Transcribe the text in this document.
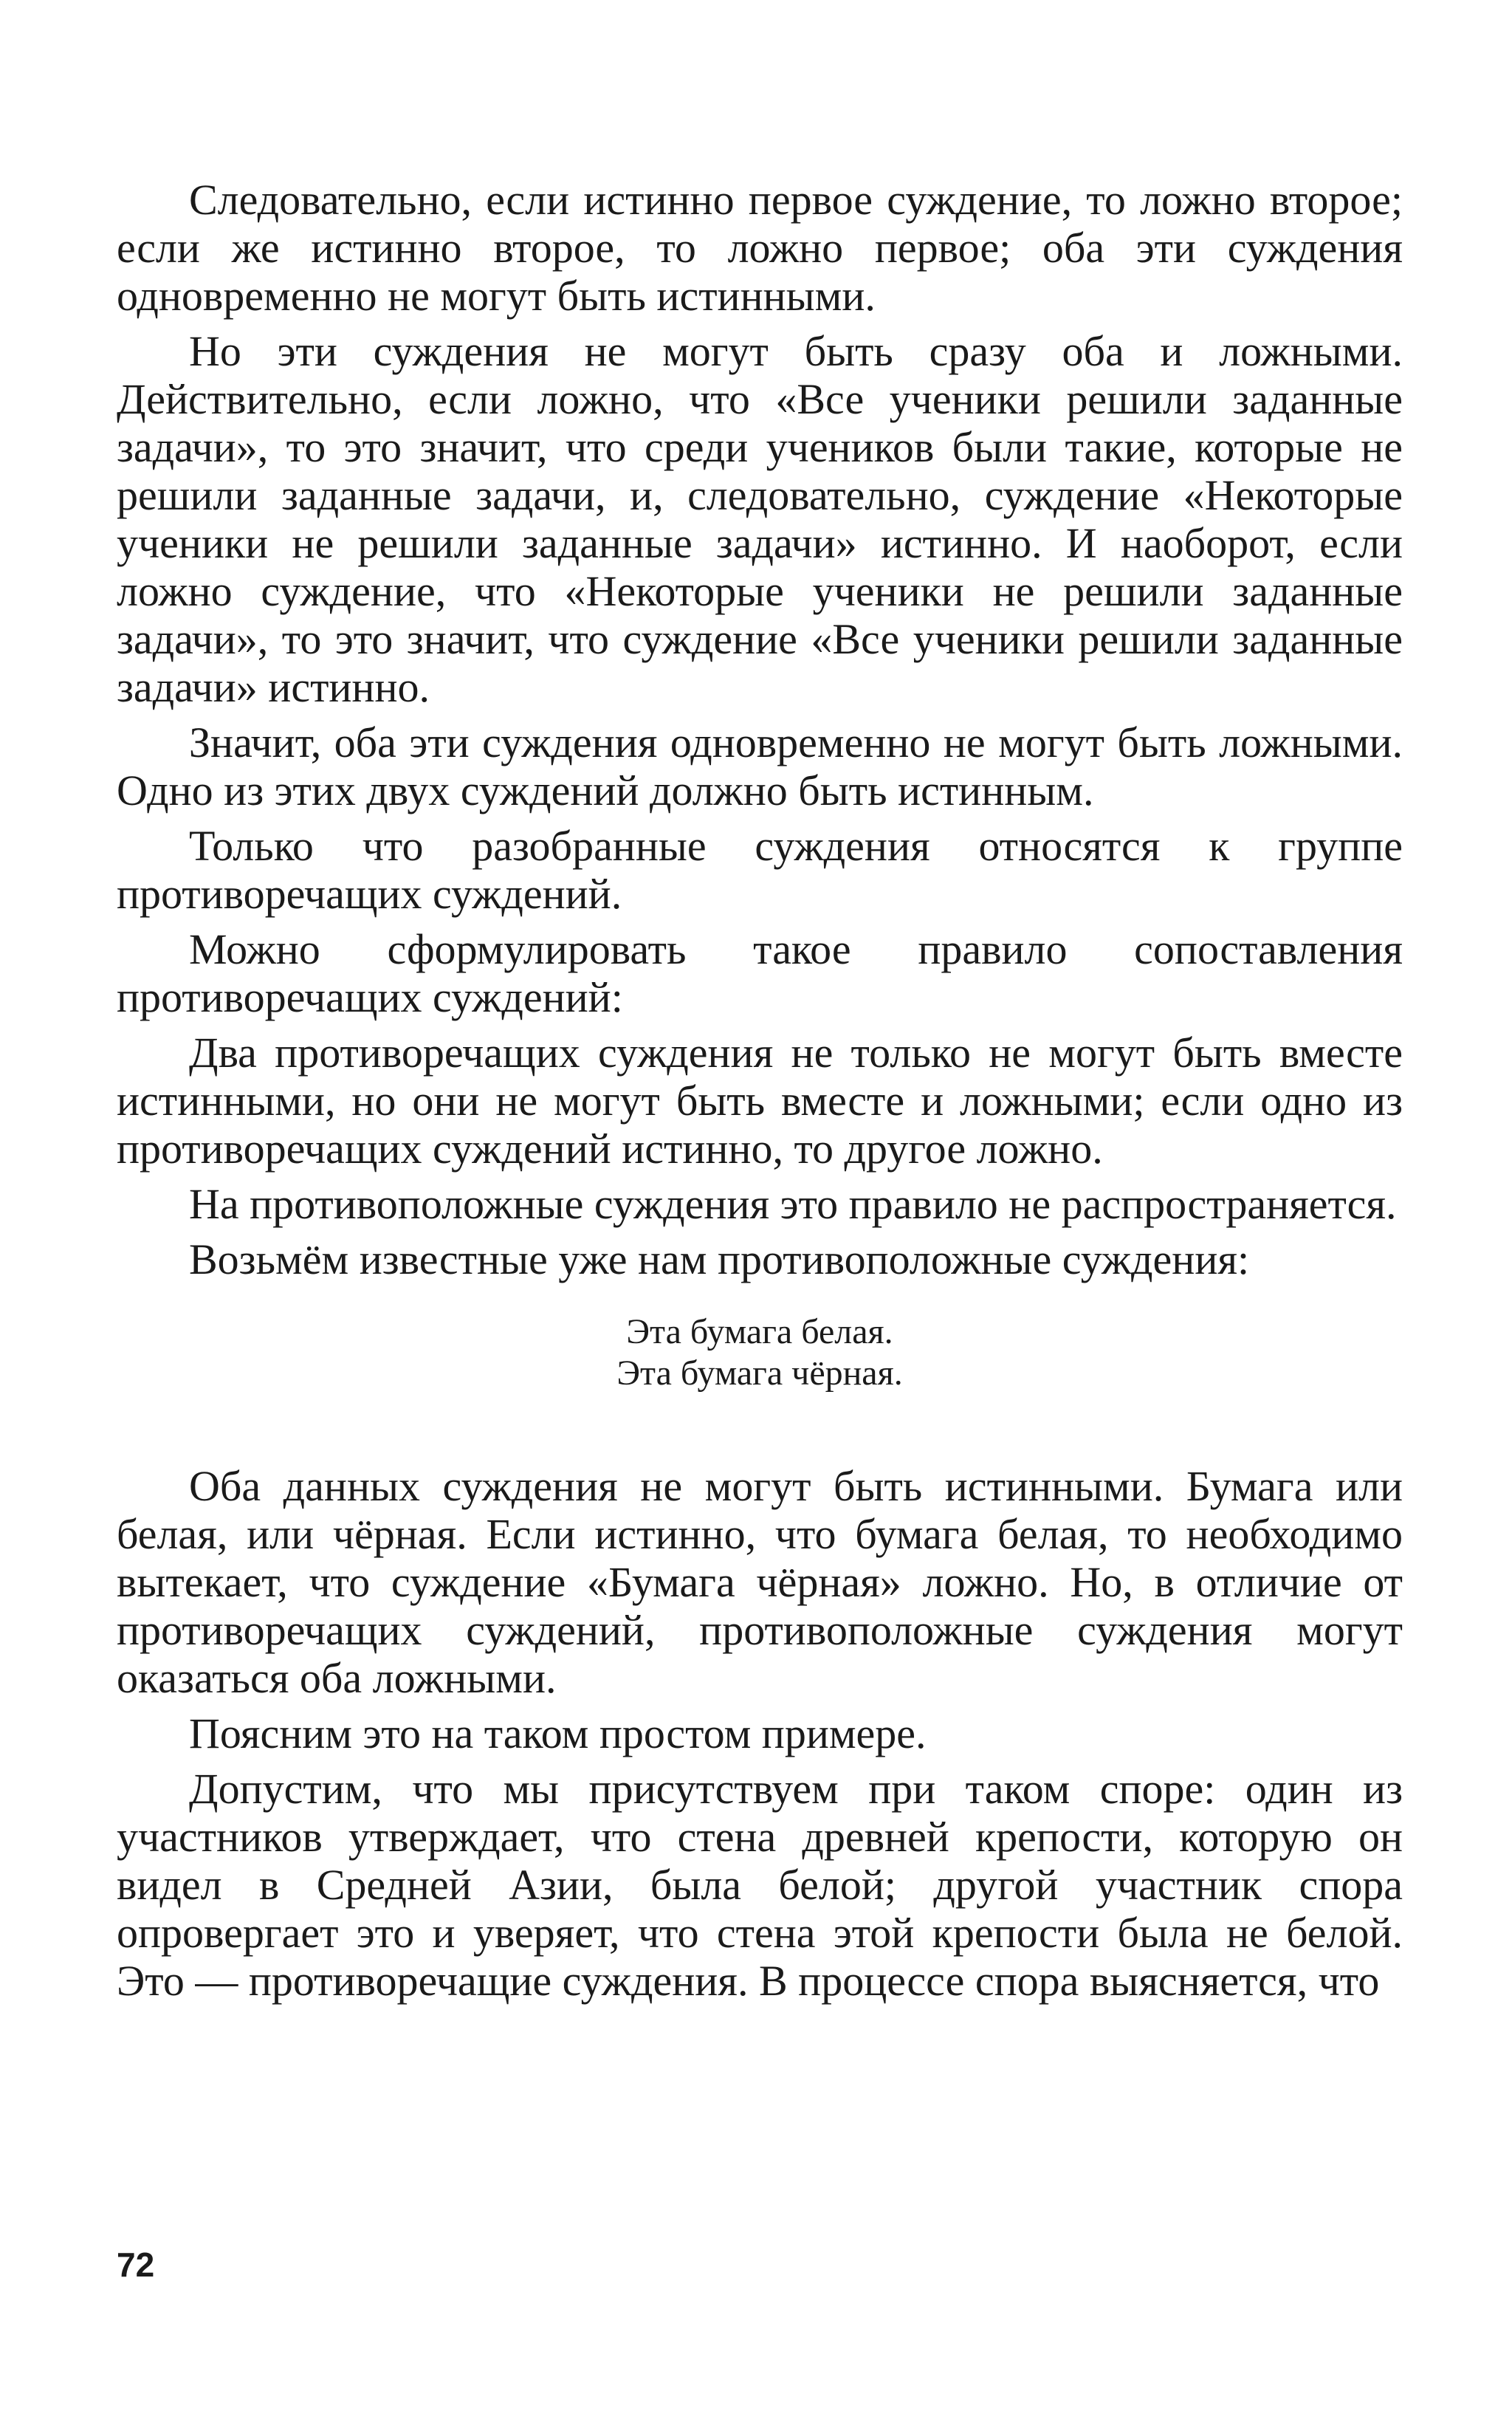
Следовательно, если истинно первое суждение, то ложно второе; если же истинно второе, то ложно первое; оба эти суждения одновременно не могут быть истинными.

Но эти суждения не могут быть сразу оба и ложными. Действительно, если ложно, что «Все ученики решили заданные задачи», то это значит, что среди учеников были такие, которые не решили заданные задачи, и, следовательно, суждение «Некоторые ученики не решили заданные задачи» истинно. И наоборот, если ложно суждение, что «Некоторые ученики не решили заданные задачи», то это значит, что суждение «Все ученики решили заданные задачи» истинно.

Значит, оба эти суждения одновременно не могут быть ложными. Одно из этих двух суждений должно быть истинным.

Только что разобранные суждения относятся к группе противоречащих суждений.

Можно сформулировать такое правило сопоставления противоречащих суждений:

Два противоречащих суждения не только не могут быть вместе истинными, но они не могут быть вместе и ложными; если одно из противоречащих суждений истинно, то другое ложно.

На противоположные суждения это правило не распространяется.

Возьмём известные уже нам противоположные суждения:

Эта бумага белая.
Эта бумага чёрная.

Оба данных суждения не могут быть истинными. Бумага или белая, или чёрная. Если истинно, что бумага белая, то необходимо вытекает, что суждение «Бумага чёрная» ложно. Но, в отличие от противоречащих суждений, противоположные суждения могут оказаться оба ложными.

Поясним это на таком простом примере.

Допустим, что мы присутствуем при таком споре: один из участников утверждает, что стена древней крепости, которую он видел в Средней Азии, была белой; другой участник спора опровергает это и уверяет, что стена этой крепости была не белой. Это — противоречащие суждения. В процессе спора выясняется, что

72
